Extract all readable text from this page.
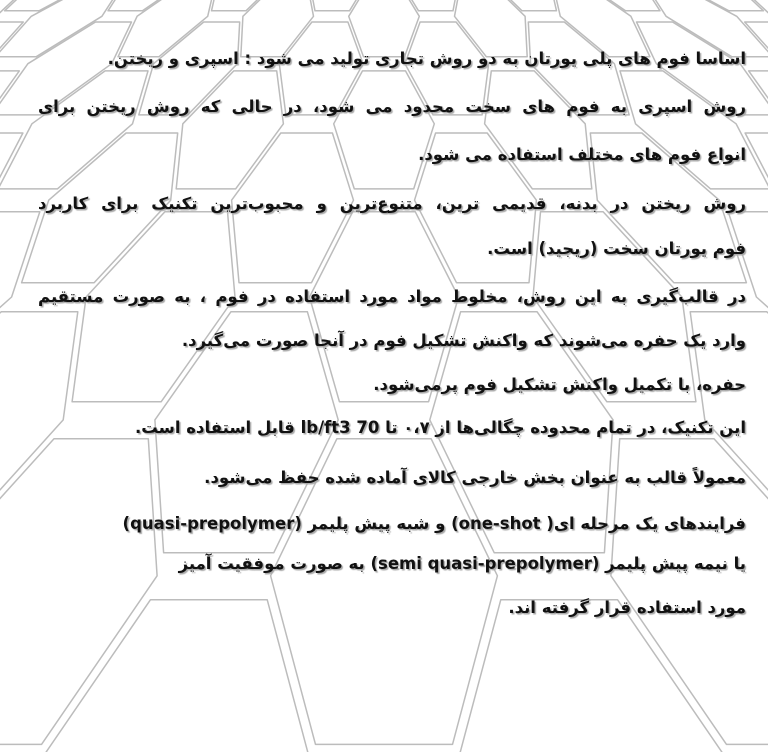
اساسا فوم های پلی یورتان به دو روش تجاری تولید می شود : اسپری و ریختن.

روش اسپری به فوم های سخت محدود می شود، در حالی که روش ریختن برای

انواع فوم های مختلف استفاده می شود.

روش ریختن در بدنه، قدیمی ترین، متنوع‌ترین و محبوب‌ترین تکنیک برای کاربرد

فوم یورتان سخت (ریجید) است.

در قالب‌گیری به این روش، مخلوط مواد مورد استفاده در فوم ، به صورت مستقیم

وارد یک حفره می‌شوند که واکنش تشکیل فوم در آنجا صورت می‌گیرد.

حفره، با تکمیل واکنش تشکیل فوم پرمی‌شود.

این تکنیک، در تمام محدوده چگالی‌ها از ۰،۷ تا 70 lb/ft3 قابل استفاده است.

معمولاً قالب به عنوان بخش خارجی کالای آماده شده حفظ می‌شود.

فرایندهای یک مرحله ای( one-shot) و شبه پیش پلیمر (quasi-prepolymer)

یا نیمه پیش پلیمر (semi quasi-prepolymer) به صورت موفقیت آمیز

مورد استفاده قرار گرفته اند.
